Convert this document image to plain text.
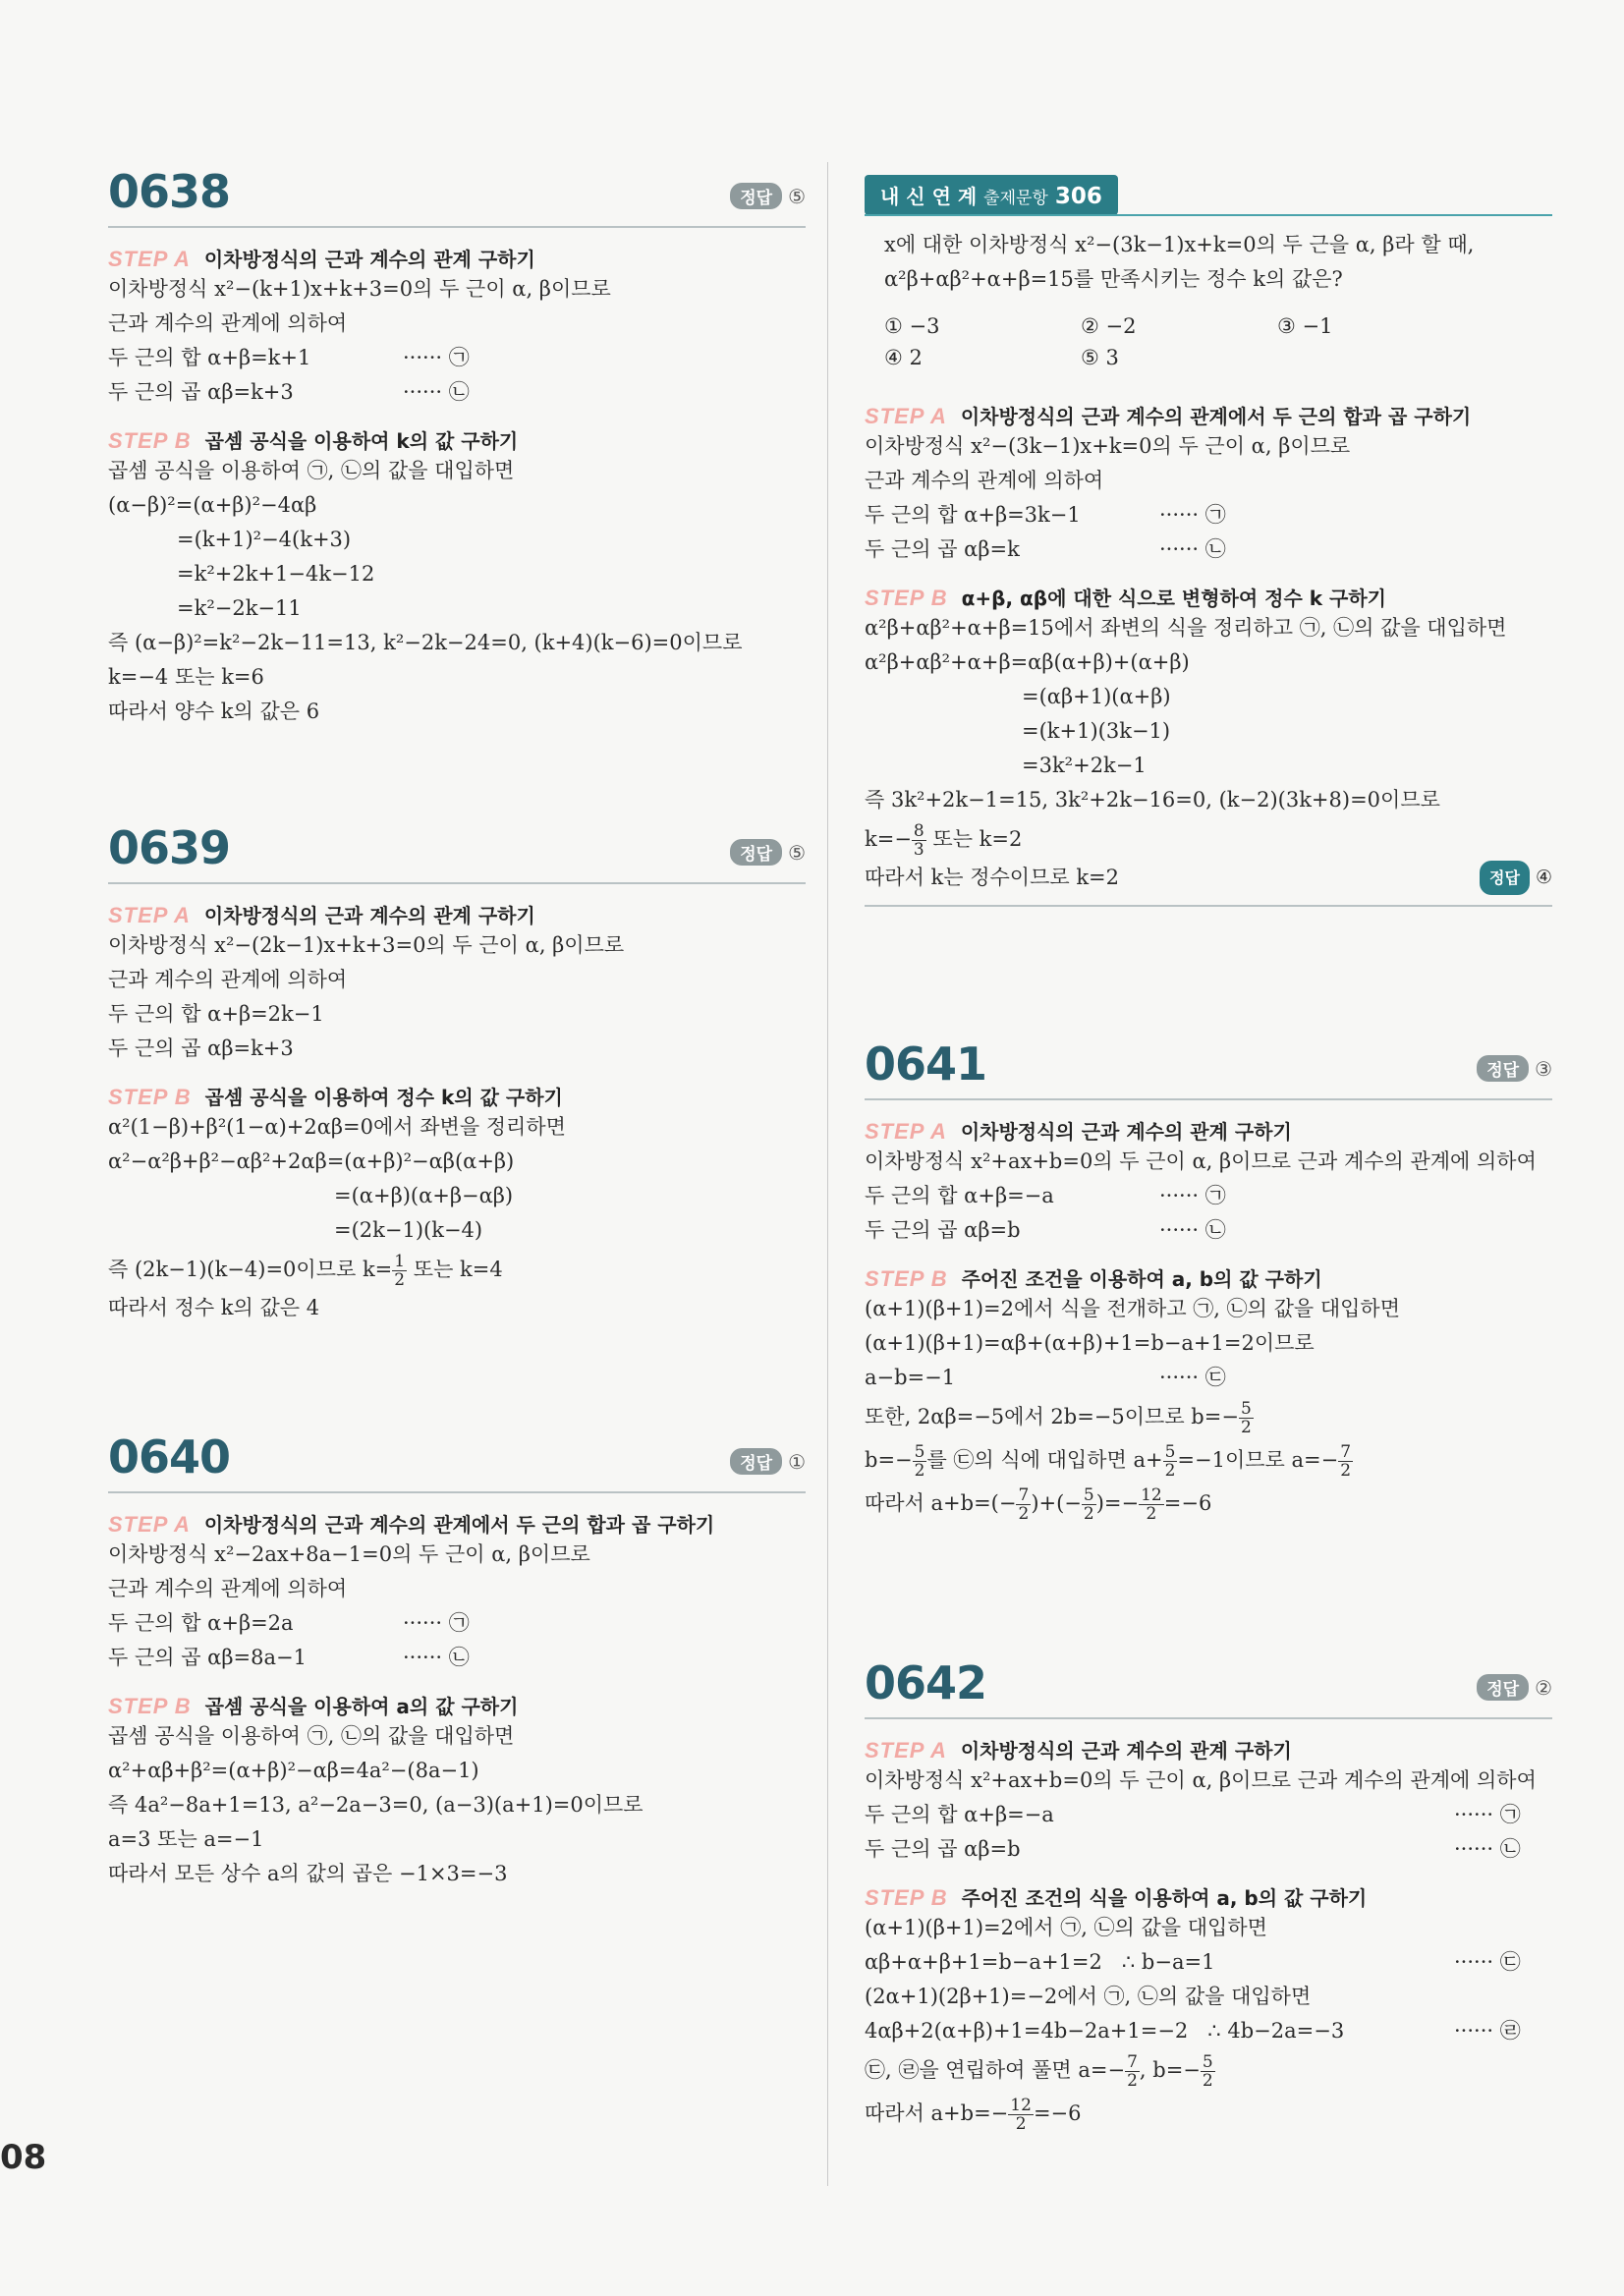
0638	정답 ⑤
STEP A 이차방정식의 근과 계수의 관계 구하기
이차방정식 x²−(k+1)x+k+3=0의 두 근이 α, β이므로
근과 계수의 관계에 의하여
두 근의 합 α+β=k+1	······ ㉠
두 근의 곱 αβ=k+3	······ ㉡
STEP B 곱셈 공식을 이용하여 k의 값 구하기
곱셈 공식을 이용하여 ㉠, ㉡의 값을 대입하면
(α−β)²=(α+β)²−4αβ
=(k+1)²−4(k+3)
=k²+2k+1−4k−12
=k²−2k−11
즉 (α−β)²=k²−2k−11=13, k²−2k−24=0, (k+4)(k−6)=0이므로
k=−4 또는 k=6
따라서 양수 k의 값은 6
0639	정답 ⑤
STEP A 이차방정식의 근과 계수의 관계 구하기
이차방정식 x²−(2k−1)x+k+3=0의 두 근이 α, β이므로
근과 계수의 관계에 의하여
두 근의 합 α+β=2k−1
두 근의 곱 αβ=k+3
STEP B 곱셈 공식을 이용하여 정수 k의 값 구하기
α²(1−β)+β²(1−α)+2αβ=0에서 좌변을 정리하면
α²−α²β+β²−αβ²+2αβ=(α+β)²−αβ(α+β)
=(α+β)(α+β−αβ)
=(2k−1)(k−4)
즉 (2k−1)(k−4)=0이므로 $k= \frac{1}{2}$ 또는 k=4
따라서 정수 k의 값은 4
0640	정답 ①
STEP A 이차방정식의 근과 계수의 관계에서 두 근의 합과 곱 구하기
이차방정식 x²−2ax+8a−1=0의 두 근이 α, β이므로
근과 계수의 관계에 의하여
두 근의 합 α+β=2a	······ ㉠
두 근의 곱 αβ=8a−1	······ ㉡
STEP B 곱셈 공식을 이용하여 a의 값 구하기
곱셈 공식을 이용하여 ㉠, ㉡의 값을 대입하면
α²+αβ+β²=(α+β)²−αβ=4a²−(8a−1)
즉 4a²−8a+1=13, a²−2a−3=0, (a−3)(a+1)=0이므로
a=3 또는 a=−1
따라서 모든 상수 a의 값의 곱은 −1×3=−3
08
내 신 연 계 출제문항 306
x에 대한 이차방정식 x²−(3k−1)x+k=0의 두 근을 α, β라 할 때,
α²β+αβ²+α+β=15를 만족시키는 정수 k의 값은?
① −3	② −2	③ −1
④ 2	⑤ 3
STEP A 이차방정식의 근과 계수의 관계에서 두 근의 합과 곱 구하기
이차방정식 x²−(3k−1)x+k=0의 두 근이 α, β이므로
근과 계수의 관계에 의하여
두 근의 합 α+β=3k−1	······ ㉠
두 근의 곱 αβ=k	······ ㉡
STEP B α+β, αβ에 대한 식으로 변형하여 정수 k 구하기
α²β+αβ²+α+β=15에서 좌변의 식을 정리하고 ㉠, ㉡의 값을 대입하면
α²β+αβ²+α+β=αβ(α+β)+(α+β)
=(αβ+1)(α+β)
=(k+1)(3k−1)
=3k²+2k−1
즉 3k²+2k−1=15, 3k²+2k−16=0, (k−2)(3k+8)=0이므로
$k=- \frac{8}{3}$ 또는 k=2
따라서 k는 정수이므로 k=2	정답 ④
0641	정답 ③
STEP A 이차방정식의 근과 계수의 관계 구하기
이차방정식 x²+ax+b=0의 두 근이 α, β이므로 근과 계수의 관계에 의하여
두 근의 합 α+β=−a	······ ㉠
두 근의 곱 αβ=b	······ ㉡
STEP B 주어진 조건을 이용하여 a, b의 값 구하기
(α+1)(β+1)=2에서 식을 전개하고 ㉠, ㉡의 값을 대입하면
(α+1)(β+1)=αβ+(α+β)+1=b−a+1=2이므로
a−b=−1	······ ㉢
또한, 2αβ=−5에서 2b=−5이므로 $b=- \frac{5}{2}$
$b=- \frac{5}{2}$ 를 ㉢의 식에 대입하면 $a+ \frac{5}{2} =-1$이므로 $a=- \frac{7}{2}$
따라서 $a+b=(- \frac{7}{2}$ )+(− $\frac{5}{2}$ )=− $\frac{12}{2} =-6$
0642	정답 ②
STEP A 이차방정식의 근과 계수의 관계 구하기
이차방정식 x²+ax+b=0의 두 근이 α, β이므로 근과 계수의 관계에 의하여
두 근의 합 α+β=−a	······ ㉠
두 근의 곱 αβ=b	······ ㉡
STEP B 주어진 조건의 식을 이용하여 a, b의 값 구하기
(α+1)(β+1)=2에서 ㉠, ㉡의 값을 대입하면
αβ+α+β+1=b−a+1=2   ∴ b−a=1	······ ㉢
(2α+1)(2β+1)=−2에서 ㉠, ㉡의 값을 대입하면
4αβ+2(α+β)+1=4b−2a+1=−2   ∴ 4b−2a=−3	······ ㉣
㉢, ㉣을 연립하여 풀면 $a=- \frac{7}{2}$ , $b=- \frac{5}{2}$
따라서 $a+b=- \frac{12}{2} =-6$
